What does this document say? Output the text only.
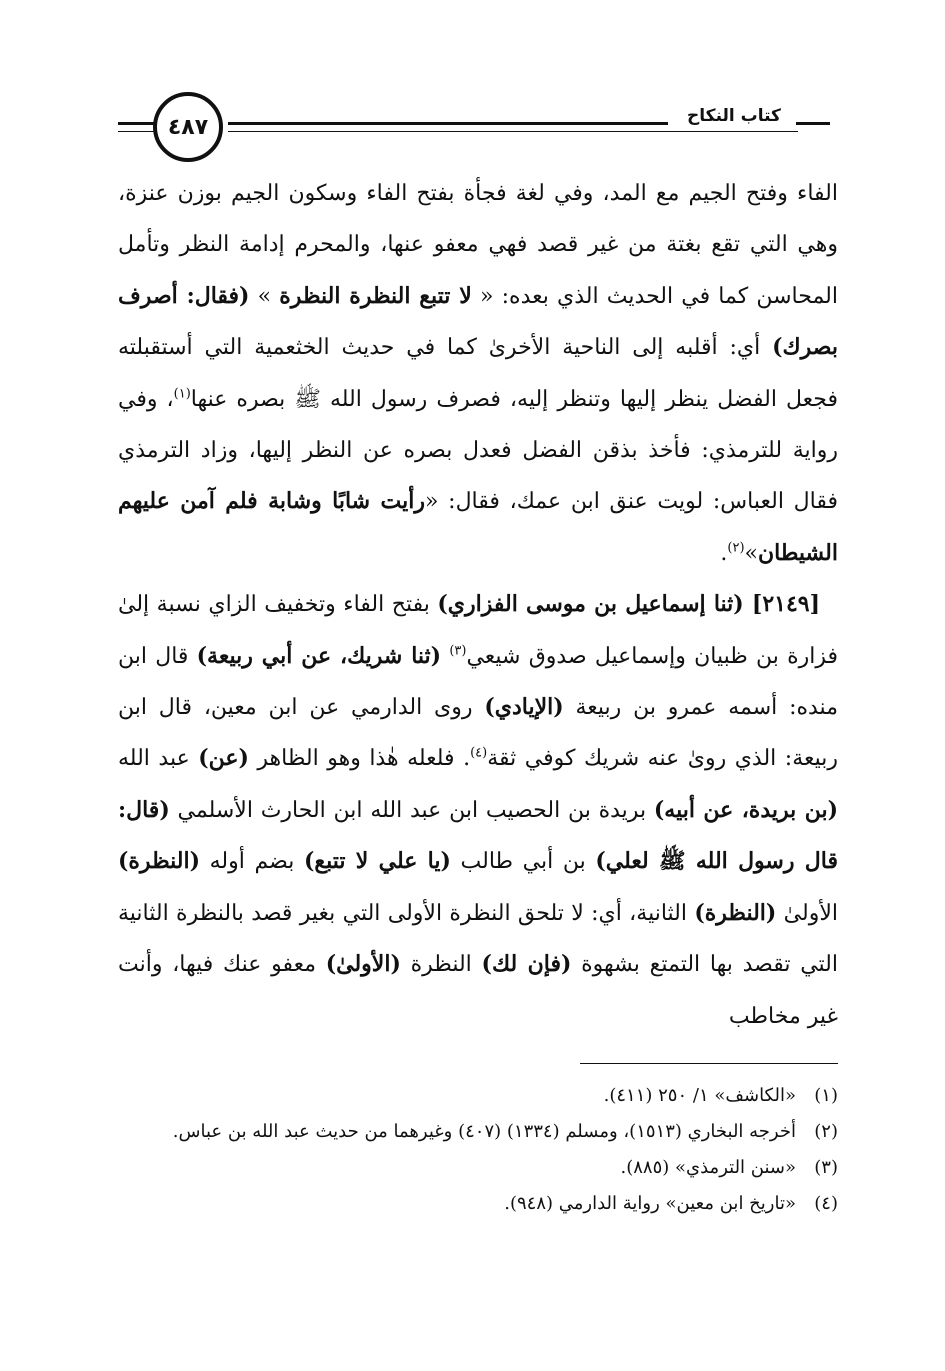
٤٨٧	كتاب النكاح

الفاء وفتح الجيم مع المد، وفي لغة فجأة بفتح الفاء وسكون الجيم بوزن عنزة، وهي التي تقع بغتة من غير قصد فهي معفو عنها، والمحرم إدامة النظر وتأمل المحاسن كما في الحديث الذي بعده: « لا تتبع النظرة النظرة » (فقال: أصرف بصرك) أي: أقلبه إلى الناحية الأخرىٰ كما في حديث الخثعمية التي أستقبلته فجعل الفضل ينظر إليها وتنظر إليه، فصرف رسول الله ﷺ بصره عنها$^{(١)}$، وفي رواية للترمذي: فأخذ بذقن الفضل فعدل بصره عن النظر إليها، وزاد الترمذي فقال العباس: لويت عنق ابن عمك، فقال: «رأيت شابًا وشابة فلم آمن عليهم الشيطان»$^{(٢)}$.

[٢١٤٩] (ثنا إسماعيل بن موسى الفزاري) بفتح الفاء وتخفيف الزاي نسبة إلىٰ فزارة بن ظبيان وإسماعيل صدوق شيعي$^{(٣)}$ (ثنا شريك، عن أبي ربيعة) قال ابن منده: أسمه عمرو بن ربيعة (الإيادي) روى الدارمي عن ابن معين، قال ابن ربيعة: الذي روىٰ عنه شريك كوفي ثقة$^{(٤)}$. فلعله هٰذا وهو الظاهر (عن) عبد الله (بن بريدة، عن أبيه) بريدة بن الحصيب ابن عبد الله ابن الحارث الأسلمي (قال: قال رسول الله ﷺ لعلي) بن أبي طالب (يا علي لا تتبع) بضم أوله (النظرة) الأولىٰ (النظرة) الثانية، أي: لا تلحق النظرة الأولى التي بغير قصد بالنظرة الثانية التي تقصد بها التمتع بشهوة (فإن لك) النظرة (الأولىٰ) معفو عنك فيها، وأنت غير مخاطب

(١)
«الكاشف» ١/ ٢٥٠ (٤١١).
(٢)
أخرجه البخاري (١٥١٣)، ومسلم (١٣٣٤) (٤٠٧) وغيرهما من حديث عبد الله بن عباس.
(٣)
«سنن الترمذي» (٨٨٥).
(٤)
«تاريخ ابن معين» رواية الدارمي (٩٤٨).
